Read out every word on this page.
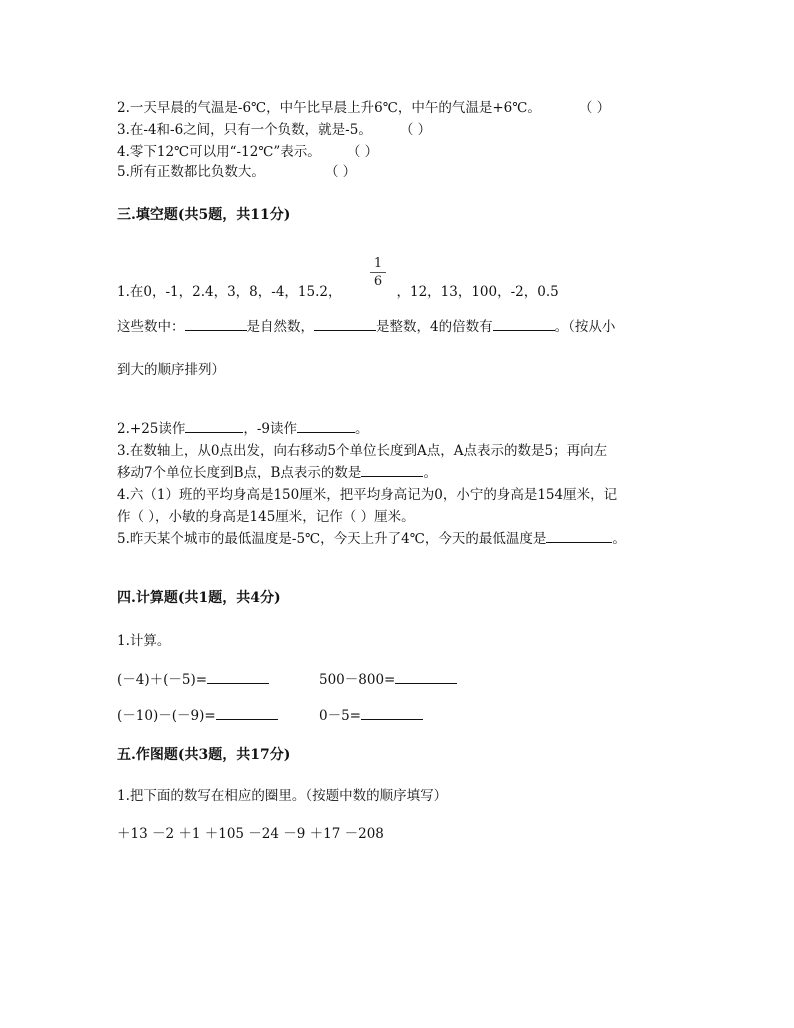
2.一天早晨的气温是-6℃，中午比早晨上升6℃，中午的气温是+6℃。	（ ）
3.在-4和-6之间，只有一个负数，就是-5。 （ ）
4.零下12℃可以用“-12℃”表示。 （ ）
5.所有正数都比负数大。	（ ）
三.填空题(共5题，共11分)
1
6
1.在0，-1，2.4，3，8，-4，15.2，	，12，13，100，-2，0.5
这些数中：	是自然数，	是整数，4的倍数有	。（按从小
到大的顺序排列）
2.+25读作	，-9读作	。
3.在数轴上，从0点出发，向右移动5个单位长度到A点，A点表示的数是5；再向左
移动7个单位长度到B点，B点表示的数是	。
4.六（1）班的平均身高是150厘米，把平均身高记为0，小宁的身高是154厘米，记
作（ ），小敏的身高是145厘米，记作（ ）厘米。
5.昨天某个城市的最低温度是-5℃，今天上升了4℃，今天的最低温度是	。
四.计算题(共1题，共4分)
1.计算。
(－4)＋(－5)=	500－800=
(－10)－(－9)=	0－5=
五.作图题(共3题，共17分)
1.把下面的数写在相应的圈里。（按题中数的顺序填写）
＋13 －2 ＋1 ＋105 －24 －9 ＋17 －208
